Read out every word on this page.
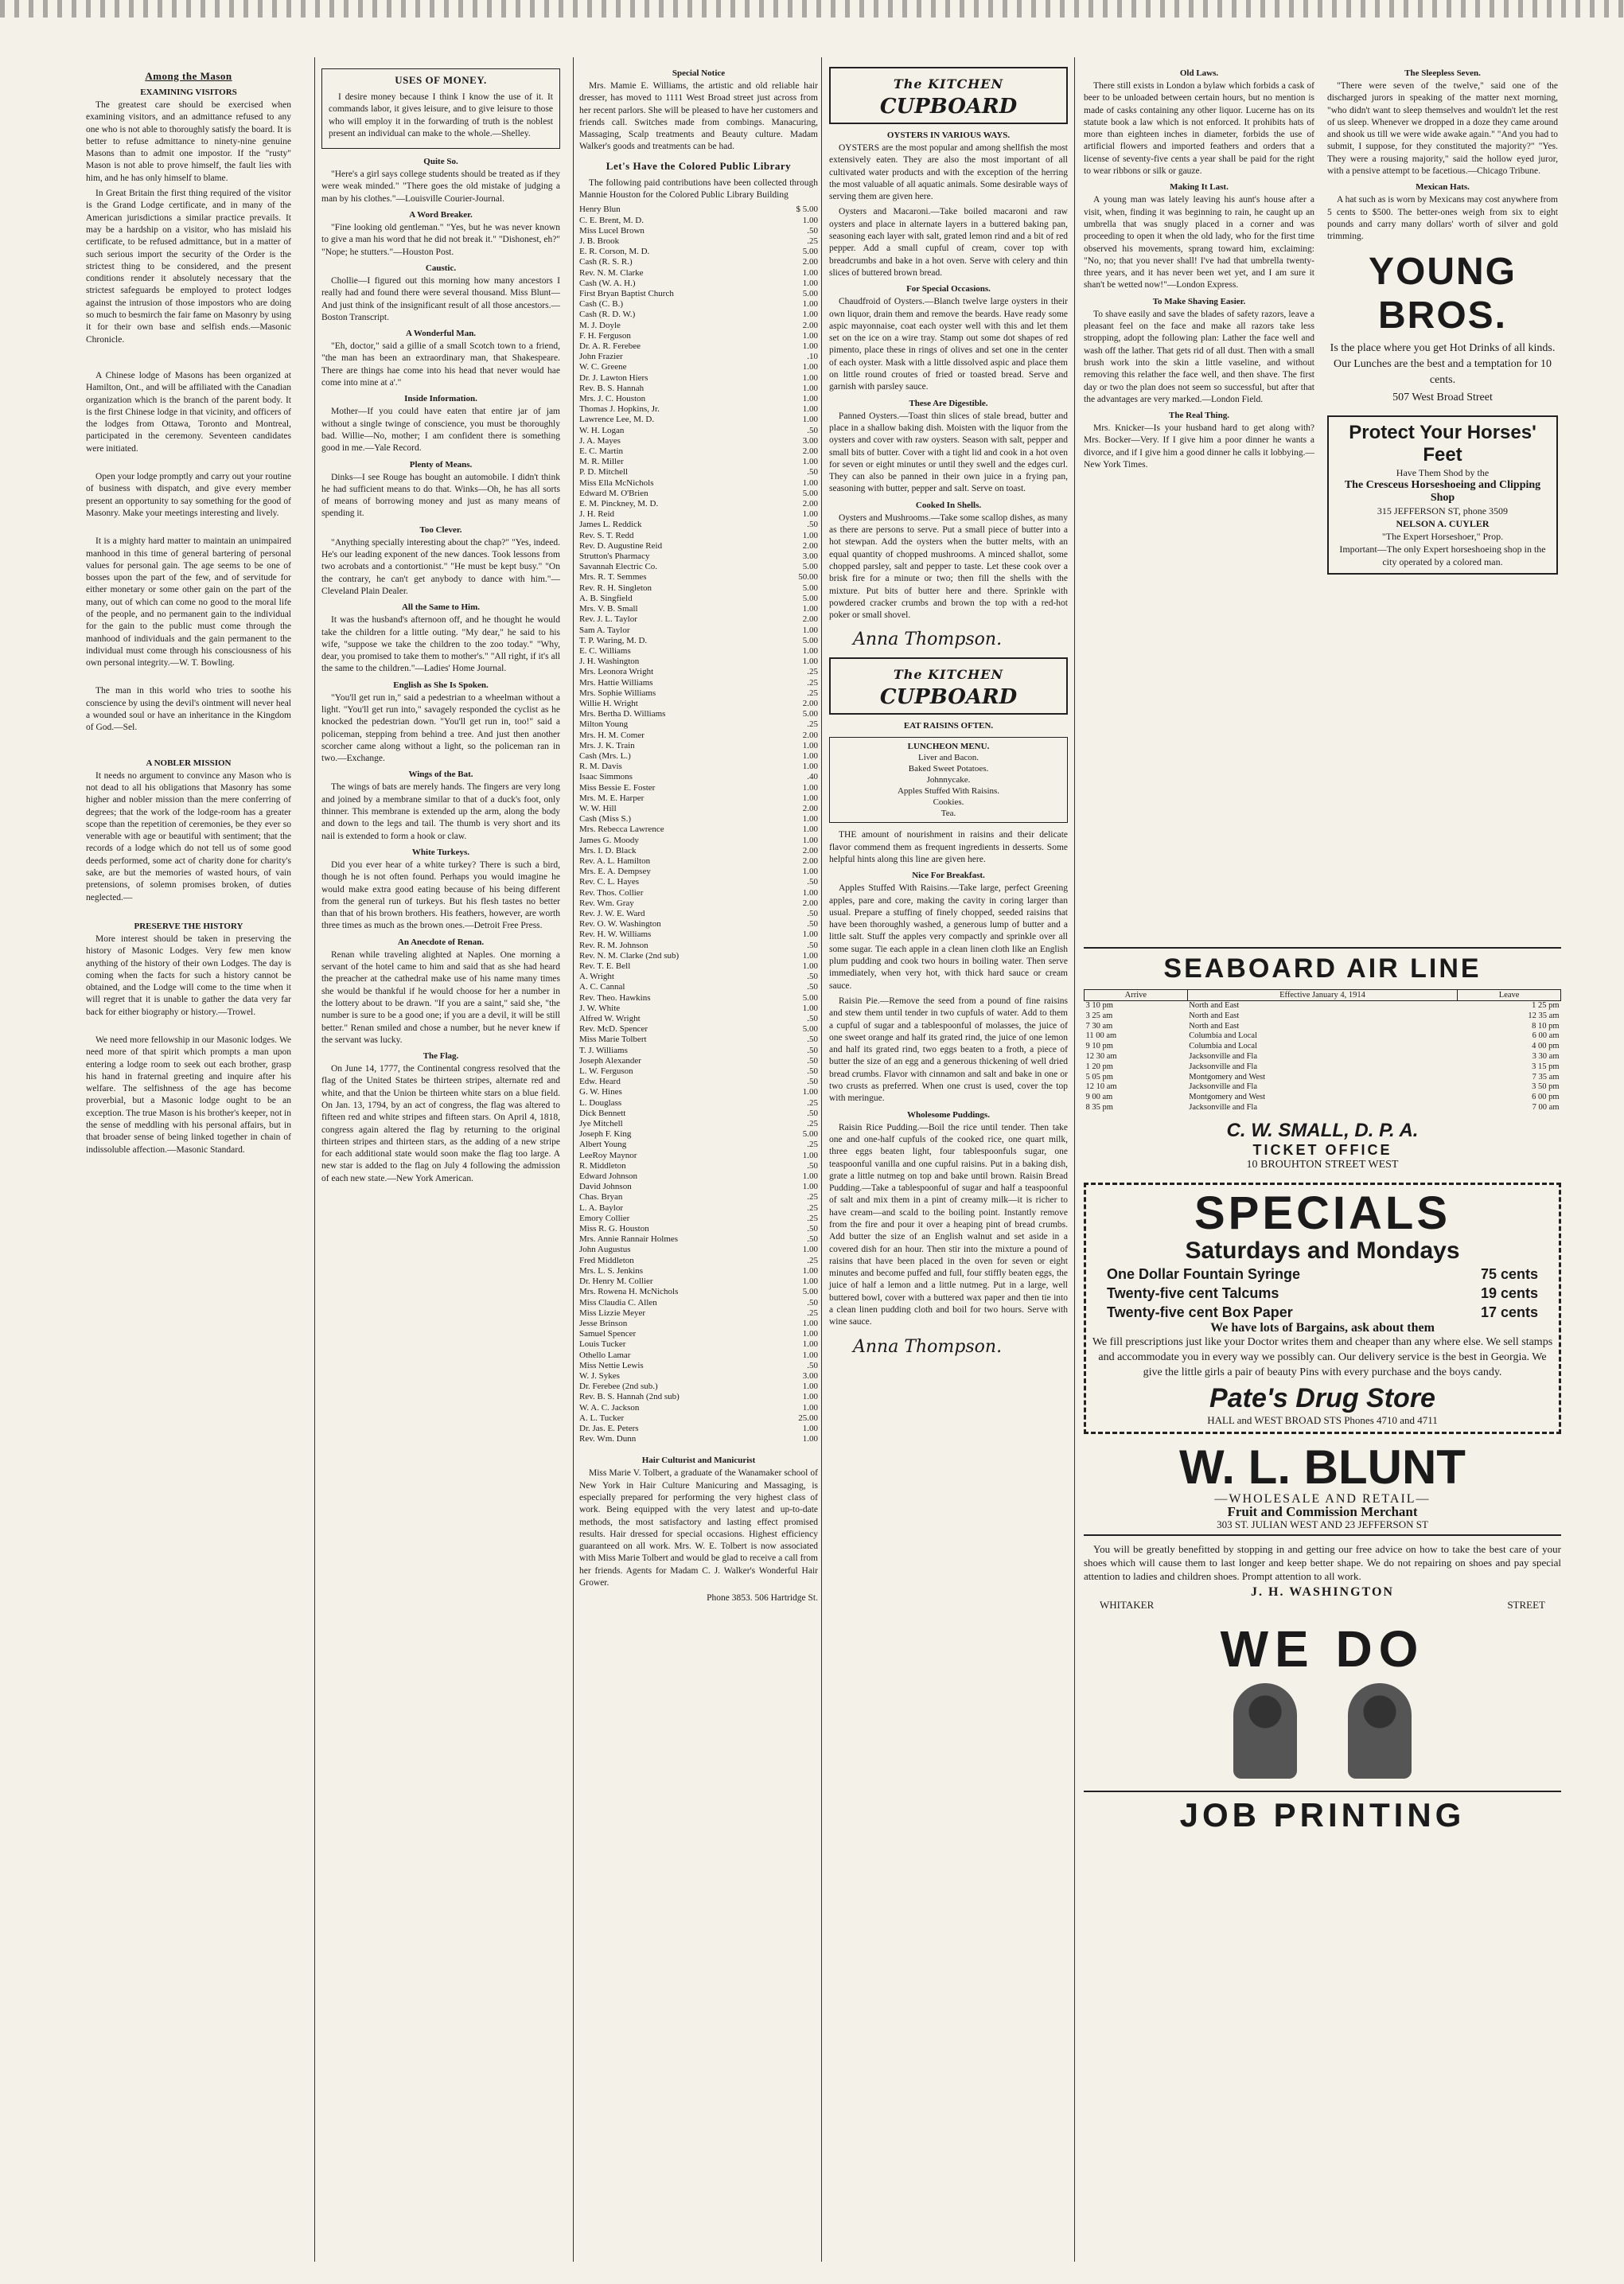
Among the Mason
EXAMINING VISITORS

The greatest care should be exercised when examining visitors, and an admittance refused to any one who is not able to thoroughly satisfy the board. It is better to refuse admittance to ninety-nine genuine Masons than to admit one impostor. If the "rusty" Mason is not able to prove himself, the fault lies with him, and he has only himself to blame.

In Great Britain the first thing required of the visitor is the Grand Lodge certificate, and in many of the American jurisdictions a similar practice prevails. It may be a hardship on a visitor, who has mislaid his certificate, to be refused admittance, but in a matter of such serious import the security of the Order is the strictest thing to be considered, and the present conditions render it absolutely necessary that the strictest safeguards be employed to protect lodges against the intrusion of those impostors who are doing so much to besmirch the fair fame on Masonry by using it for their own base and selfish ends.—Masonic Chronicle.

A Chinese lodge of Masons has been organized at Hamilton, Ont., and will be affiliated with the Canadian organization which is the branch of the parent body. It is the first Chinese lodge in that vicinity, and officers of the lodges from Ottawa, Toronto and Montreal, participated in the ceremony. Seventeen candidates were initiated.

Open your lodge promptly and carry out your routine of business with dispatch, and give every member present an opportunity to say something for the good of Masonry. Make your meetings interesting and lively.

It is a mighty hard matter to maintain an unimpaired manhood in this time of general bartering of personal values for personal gain. The age seems to be one of bosses upon the part of the few, and of servitude for either monetary or some other gain on the part of the many, out of which can come no good to the moral life of the people, and no permanent gain to the individual for the gain to the public must come through the manhood of individuals and the gain permanent to the individual must come through his consciousness of his own personal integrity.—W. T. Bowling.

The man in this world who tries to soothe his conscience by using the devil's ointment will never heal a wounded soul or have an inheritance in the Kingdom of God.—Sel.

A NOBLER MISSION

It needs no argument to convince any Mason who is not dead to all his obligations that Masonry has some higher and nobler mission than the mere conferring of degrees; that the work of the lodge-room has a greater scope than the repetition of ceremonies, be they ever so venerable with age or beautiful with sentiment; that the records of a lodge which do not tell us of some good deeds performed, some act of charity done for charity's sake, are but the memories of wasted hours, of vain pretensions, of solemn promises broken, of duties neglected.—

PRESERVE THE HISTORY

More interest should be taken in preserving the history of Masonic Lodges. Very few men know anything of the history of their own Lodges. The day is coming when the facts for such a history cannot be obtained, and the Lodge will come to the time when it will regret that it is unable to gather the data very far back for either biography or history.—Trowel.

We need more fellowship in our Masonic lodges. We need more of that spirit which prompts a man upon entering a lodge room to seek out each brother, grasp his hand in fraternal greeting and inquire after his welfare. The selfishness of the age has become proverbial, but a Masonic lodge ought to be an exception. The true Mason is his brother's keeper, not in the sense of meddling with his personal affairs, but in that broader sense of being linked together in chain of indissoluble affection.—Masonic Standard.

USES OF MONEY.

I desire money because I think I know the use of it. It commands labor, it gives leisure, and to give leisure to those who will employ it in the forwarding of truth is the noblest present an individual can make to the whole.—Shelley.

Quite So.

"Here's a girl says college students should be treated as if they were weak minded." "There goes the old mistake of judging a man by his clothes."—Louisville Courier-Journal.

A Word Breaker.

"Fine looking old gentleman." "Yes, but he was never known to give a man his word that he did not break it." "Dishonest, eh?" "Nope; he stutters."—Houston Post.

Caustic.

Chollie—I figured out this morning how many ancestors I really had and found there were several thousand. Miss Blunt—And just think of the insignificant result of all those ancestors.—Boston Transcript.

A Wonderful Man.

"Eh, doctor," said a gillie of a small Scotch town to a friend, "the man has been an extraordinary man, that Shakespeare. There are things hae come into his head that never would hae come into mine at a'."

Inside Information.

Mother—If you could have eaten that entire jar of jam without a single twinge of conscience, you must be thoroughly bad. Willie—No, mother; I am confident there is something good in me.—Yale Record.

Plenty of Means.

Dinks—I see Rouge has bought an automobile. I didn't think he had sufficient means to do that. Winks—Oh, he has all sorts of means of borrowing money and just as many means of spending it.

Too Clever.

"Anything specially interesting about the chap?" "Yes, indeed. He's our leading exponent of the new dances. Took lessons from two acrobats and a contortionist." "He must be kept busy." "On the contrary, he can't get anybody to dance with him."—Cleveland Plain Dealer.

All the Same to Him.

It was the husband's afternoon off, and he thought he would take the children for a little outing. "My dear," he said to his wife, "suppose we take the children to the zoo today." "Why, dear, you promised to take them to mother's." "All right, if it's all the same to the children."—Ladies' Home Journal.

English as She Is Spoken.

"You'll get run in," said a pedestrian to a wheelman without a light. "You'll get run into," savagely responded the cyclist as he knocked the pedestrian down. "You'll get run in, too!" said a policeman, stepping from behind a tree. And just then another scorcher came along without a light, so the policeman ran in two.—Exchange.

Wings of the Bat.

The wings of bats are merely hands. The fingers are very long and joined by a membrane similar to that of a duck's foot, only thinner. This membrane is extended up the arm, along the body and down to the legs and tail. The thumb is very short and its nail is extended to form a hook or claw.

White Turkeys.

Did you ever hear of a white turkey? There is such a bird, though he is not often found. Perhaps you would imagine he would make extra good eating because of his being different from the general run of turkeys. But his flesh tastes no better than that of his brown brothers. His feathers, however, are worth three times as much as the brown ones.—Detroit Free Press.

An Anecdote of Renan.

Renan while traveling alighted at Naples. One morning a servant of the hotel came to him and said that as she had heard the preacher at the cathedral make use of his name many times she would be thankful if he would choose for her a number in the lottery about to be drawn. "If you are a saint," said she, "the number is sure to be a good one; if you are a devil, it will be still better." Renan smiled and chose a number, but he never knew if the servant was lucky.

The Flag.

On June 14, 1777, the Continental congress resolved that the flag of the United States be thirteen stripes, alternate red and white, and that the Union be thirteen white stars on a blue field. On Jan. 13, 1794, by an act of congress, the flag was altered to fifteen red and white stripes and fifteen stars. On April 4, 1818, congress again altered the flag by returning to the original thirteen stripes and thirteen stars, as the adding of a new stripe for each additional state would soon make the flag too large. A new star is added to the flag on July 4 following the admission of each new state.—New York American.

Special Notice

Mrs. Mamie E. Williams, the artistic and old reliable hair dresser, has moved to 1111 West Broad street just across from her recent parlors. She will be pleased to have her customers and friends call. Switches made from combings. Manacuring, Massaging, Scalp treatments and Beauty culture. Madam Walker's goods and treatments can be had.

Let's Have the Colored Public Library

The following paid contributions have been collected through Mannie Houston for the Colored Public Library Building

Henry Blun	$ 5.00
C. E. Brent, M. D.	1.00
Miss Lucel Brown	.50
J. B. Brook	.25
E. R. Corson, M. D.	5.00
Cash (R. S. R.)	2.00
Rev. N. M. Clarke	1.00
Cash (W. A. H.)	1.00
First Bryan Baptist Church	5.00
Cash (C. B.)	1.00
Cash (R. D. W.)	1.00
M. J. Doyle	2.00
F. H. Ferguson	1.00
Dr. A. R. Ferebee	1.00
John Frazier	.10
W. C. Greene	1.00
Dr. J. Lawton Hiers	1.00
Rev. B. S. Hannah	1.00
Mrs. J. C. Houston	1.00
Thomas J. Hopkins, Jr.	1.00
Lawrence Lee, M. D.	1.00
W. H. Logan	.50
J. A. Mayes	3.00
E. C. Martin	2.00
M. R. Miller	1.00
P. D. Mitchell	.50
Miss Ella McNichols	1.00
Edward M. O'Brien	5.00
E. M. Pinckney, M. D.	2.00
J. H. Reid	1.00
James L. Reddick	.50
Rev. S. T. Redd	1.00
Rev. D. Augustine Reid	2.00
Strutton's Pharmacy	3.00
Savannah Electric Co.	5.00
Mrs. R. T. Semmes	50.00
Rev. R. H. Singleton	5.00
A. B. Singfield	5.00
Mrs. V. B. Small	1.00
Rev. J. L. Taylor	2.00
Sam A. Taylor	1.00
T. P. Waring, M. D.	5.00
E. C. Williams	1.00
J. H. Washington	1.00
Mrs. Leonora Wright	.25
Mrs. Hattie Williams	.25
Mrs. Sophie Williams	.25
Willie H. Wright	2.00
Mrs. Bertha D. Williams	5.00
Milton Young	.25
Mrs. H. M. Comer	2.00
Mrs. J. K. Train	1.00
Cash (Mrs. L.)	1.00
R. M. Davis	1.00
Isaac Simmons	.40
Miss Bessie E. Foster	1.00
Mrs. M. E. Harper	1.00
W. W. Hill	2.00
Cash (Miss S.)	1.00
Mrs. Rebecca Lawrence	1.00
James G. Moody	1.00
Mrs. I. D. Black	2.00
Rev. A. L. Hamilton	2.00
Mrs. E. A. Dempsey	1.00
Rev. C. L. Hayes	.50
Rev. Thos. Collier	1.00
Rev. Wm. Gray	2.00
Rev. J. W. E. Ward	.50
Rev. O. W. Washington	.50
Rev. H. W. Williams	1.00
Rev. R. M. Johnson	.50
Rev. N. M. Clarke (2nd sub)	1.00
Rev. T. E. Bell	1.00
A. Wright	.50
A. C. Cannal	.50
Rev. Theo. Hawkins	5.00
J. W. White	1.00
Alfred W. Wright	.50
Rev. McD. Spencer	5.00
Miss Marie Tolbert	.50
T. J. Williams	.50
Joseph Alexander	.50
L. W. Ferguson	.50
Edw. Heard	.50
G. W. Hines	1.00
L. Douglass	.25
Dick Bennett	.50
Jye Mitchell	.25
Joseph F. King	5.00
Albert Young	.25
LeeRoy Maynor	1.00
R. Middleton	.50
Edward Johnson	1.00
David Johnson	1.00
Chas. Bryan	.25
L. A. Baylor	.25
Emory Collier	.25
Miss R. G. Houston	.50
Mrs. Annie Rannair Holmes	.50
John Augustus	1.00
Fred Middleton	.25
Mrs. L. S. Jenkins	1.00
Dr. Henry M. Collier	1.00
Mrs. Rowena H. McNichols	5.00
Miss Claudia C. Allen	.50
Miss Lizzie Meyer	.25
Jesse Brinson	1.00
Samuel Spencer	1.00
Louis Tucker	1.00
Othello Lamar	1.00
Miss Nettie Lewis	.50
W. J. Sykes	3.00
Dr. Ferebee (2nd sub.)	1.00
Rev. B. S. Hannah (2nd sub)	1.00
W. A. C. Jackson	1.00
A. L. Tucker	25.00
Dr. Jas. E. Peters	1.00
Rev. Wm. Dunn	1.00
Hair Culturist and Manicurist

Miss Marie V. Tolbert, a graduate of the Wanamaker school of New York in Hair Culture Manicuring and Massaging, is especially prepared for performing the very highest class of work. Being equipped with the very latest and up-to-date methods, the most satisfactory and lasting effect promised results. Hair dressed for special occasions. Highest efficiency guaranteed on all work. Mrs. W. E. Tolbert is now associated with Miss Marie Tolbert and would be glad to receive a call from her friends. Agents for Madam C. J. Walker's Wonderful Hair Grower.

Phone 3853. 506 Hartridge St.

The KITCHEN
CUPBOARD
OYSTERS IN VARIOUS WAYS.

OYSTERS are the most popular and among shellfish the most extensively eaten. They are also the most important of all cultivated water products and with the exception of the herring the most valuable of all aquatic animals. Some desirable ways of serving them are given here.

Oysters and Macaroni.—Take boiled macaroni and raw oysters and place in alternate layers in a buttered baking pan, seasoning each layer with salt, grated lemon rind and a bit of red pepper. Add a small cupful of cream, cover top with breadcrumbs and bake in a hot oven. Serve with celery and thin slices of buttered brown bread.

For Special Occasions.

Chaudfroid of Oysters.—Blanch twelve large oysters in their own liquor, drain them and remove the beards. Have ready some aspic mayonnaise, coat each oyster well with this and let them set on the ice on a wire tray. Stamp out some dot shapes of red pimento, place these in rings of olives and set one in the center of each oyster. Mask with a little dissolved aspic and place them on little round croutes of fried or toasted bread. Serve and garnish with parsley sauce.

These Are Digestible.

Panned Oysters.—Toast thin slices of stale bread, butter and place in a shallow baking dish. Moisten with the liquor from the oysters and cover with raw oysters. Season with salt, pepper and small bits of butter. Cover with a tight lid and cook in a hot oven for seven or eight minutes or until they swell and the edges curl. They can also be panned in their own juice in a frying pan, seasoning with butter, pepper and salt. Serve on toast.

Cooked In Shells.

Oysters and Mushrooms.—Take some scallop dishes, as many as there are persons to serve. Put a small piece of butter into a hot stewpan. Add the oysters when the butter melts, with an equal quantity of chopped mushrooms. A minced shallot, some chopped parsley, salt and pepper to taste. Let these cook over a brisk fire for a minute or two; then fill the shells with the mixture. Put bits of butter here and there. Sprinkle with powdered cracker crumbs and brown the top with a red-hot poker or small shovel.

Anna Thompson.
The KITCHEN
CUPBOARD
EAT RAISINS OFTEN.
LUNCHEON MENU.
Liver and Bacon.
Baked Sweet Potatoes.
Johnnycake.
Apples Stuffed With Raisins.
Cookies.
Tea.

THE amount of nourishment in raisins and their delicate flavor commend them as frequent ingredients in desserts. Some helpful hints along this line are given here.

Nice For Breakfast.

Apples Stuffed With Raisins.—Take large, perfect Greening apples, pare and core, making the cavity in coring larger than usual. Prepare a stuffing of finely chopped, seeded raisins that have been thoroughly washed, a generous lump of butter and a little salt. Stuff the apples very compactly and sprinkle over all some sugar. Tie each apple in a clean linen cloth like an English plum pudding and cook two hours in boiling water. Then serve immediately, when very hot, with thick hard sauce or cream sauce.

Raisin Pie.—Remove the seed from a pound of fine raisins and stew them until tender in two cupfuls of water. Add to them a cupful of sugar and a tablespoonful of molasses, the juice of one sweet orange and half its grated rind, the juice of one lemon and half its grated rind, two eggs beaten to a froth, a piece of butter the size of an egg and a generous thickening of well dried bread crumbs. Flavor with cinnamon and salt and bake in one or two crusts as preferred. When one crust is used, cover the top with meringue.

Wholesome Puddings.

Raisin Rice Pudding.—Boil the rice until tender. Then take one and one-half cupfuls of the cooked rice, one quart milk, three eggs beaten light, four tablespoonfuls sugar, one teaspoonful vanilla and one cupful raisins. Put in a baking dish, grate a little nutmeg on top and bake until brown. Raisin Bread Pudding.—Take a tablespoonful of sugar and half a teaspoonful of salt and mix them in a pint of creamy milk—it is richer to have cream—and scald to the boiling point. Instantly remove from the fire and pour it over a heaping pint of bread crumbs. Add butter the size of an English walnut and set aside in a covered dish for an hour. Then stir into the mixture a pound of raisins that have been placed in the oven for seven or eight minutes and become puffed and full, four stiffly beaten eggs, the juice of half a lemon and a little nutmeg. Put in a large, well buttered bowl, cover with a buttered wax paper and then tie into a clean linen pudding cloth and boil for two hours. Serve with wine sauce.

Anna Thompson.
Old Laws.

There still exists in London a bylaw which forbids a cask of beer to be unloaded between certain hours, but no mention is made of casks containing any other liquor. Lucerne has on its statute book a law which is not enforced. It prohibits hats of more than eighteen inches in diameter, forbids the use of artificial flowers and imported feathers and orders that a license of seventy-five cents a year shall be paid for the right to wear ribbons or silk or gauze.

Making It Last.

A young man was lately leaving his aunt's house after a visit, when, finding it was beginning to rain, he caught up an umbrella that was snugly placed in a corner and was proceeding to open it when the old lady, who for the first time observed his movements, sprang toward him, exclaiming: "No, no; that you never shall! I've had that umbrella twenty-three years, and it has never been wet yet, and I am sure it shan't be wetted now!"—London Express.

To Make Shaving Easier.

To shave easily and save the blades of safety razors, leave a pleasant feel on the face and make all razors take less stropping, adopt the following plan: Lather the face well and wash off the lather. That gets rid of all dust. Then with a small brush work into the skin a little vaseline, and without removing this relather the face well, and then shave. The first day or two the plan does not seem so successful, but after that the advantages are very marked.—London Field.

The Real Thing.

Mrs. Knicker—Is your husband hard to get along with? Mrs. Bocker—Very. If I give him a poor dinner he wants a divorce, and if I give him a good dinner he calls it lobbying.—New York Times.

The Sleepless Seven.

"There were seven of the twelve," said one of the discharged jurors in speaking of the matter next morning, "who didn't want to sleep themselves and wouldn't let the rest of us sleep. Whenever we dropped in a doze they came around and shook us till we were wide awake again." "And you had to submit, I suppose, for they constituted the majority?" "Yes. They were a rousing majority," said the hollow eyed juror, with a pensive attempt to be facetious.—Chicago Tribune.

Mexican Hats.

A hat such as is worn by Mexicans may cost anywhere from 5 cents to $500. The better-ones weigh from six to eight pounds and carry many dollars' worth of silver and gold trimming.

YOUNG BROS.
Is the place where you get Hot Drinks of all kinds. Our Lunches are the best and a temptation for 10 cents.
507 West Broad Street
Protect Your Horses' Feet
Have Them Shod by the
The Cresceus Horseshoeing and Clipping Shop
315 JEFFERSON ST, phone 3509
NELSON A. CUYLER
"The Expert Horseshoer," Prop.
Important—The only Expert horseshoeing shop in the city operated by a colored man.
SEABOARD AIR LINE
Arrive	Effective January 4, 1914	Leave
3 10 pm	North and East	1 25 pm
3 25 am	North and East	12 35 am
7 30 am	North and East	8 10 pm
11 00 am	Columbia and Local	6 00 am
9 10 pm	Columbia and Local	4 00 pm
12 30 am	Jacksonville and Fla	3 30 am
1 20 pm	Jacksonville and Fla	3 15 pm
5 05 pm	Montgomery and West	7 35 am
12 10 am	Jacksonville and Fla	3 50 pm
9 00 am	Montgomery and West	6 00 pm
8 35 pm	Jacksonville and Fla	7 00 am
C. W. SMALL, D. P. A.
TICKET OFFICE
10 BROUHTON STREET WEST
SPECIALS
Saturdays and Mondays
One Dollar Fountain Syringe	75 cents
Twenty-five cent Talcums	19 cents
Twenty-five cent Box Paper	17 cents
We have lots of Bargains, ask about them

We fill prescriptions just like your Doctor writes them and cheaper than any where else. We sell stamps and accommodate you in every way we possibly can. Our delivery service is the best in Georgia. We give the little girls a pair of beauty Pins with every purchase and the boys candy.

Pate's Drug Store
HALL and WEST BROAD STS Phones 4710 and 4711
W. L. BLUNT
—WHOLESALE AND RETAIL—
Fruit and Commission Merchant
303 ST. JULIAN WEST AND 23 JEFFERSON ST

You will be greatly benefitted by stopping in and getting our free advice on how to take the best care of your shoes which will cause them to last longer and keep better shape. We do not repairing on shoes and pay special attention to ladies and children shoes. Prompt attention to all work.

J. H. WASHINGTON
WHITAKER	STREET
WE DO

JOB PRINTING
